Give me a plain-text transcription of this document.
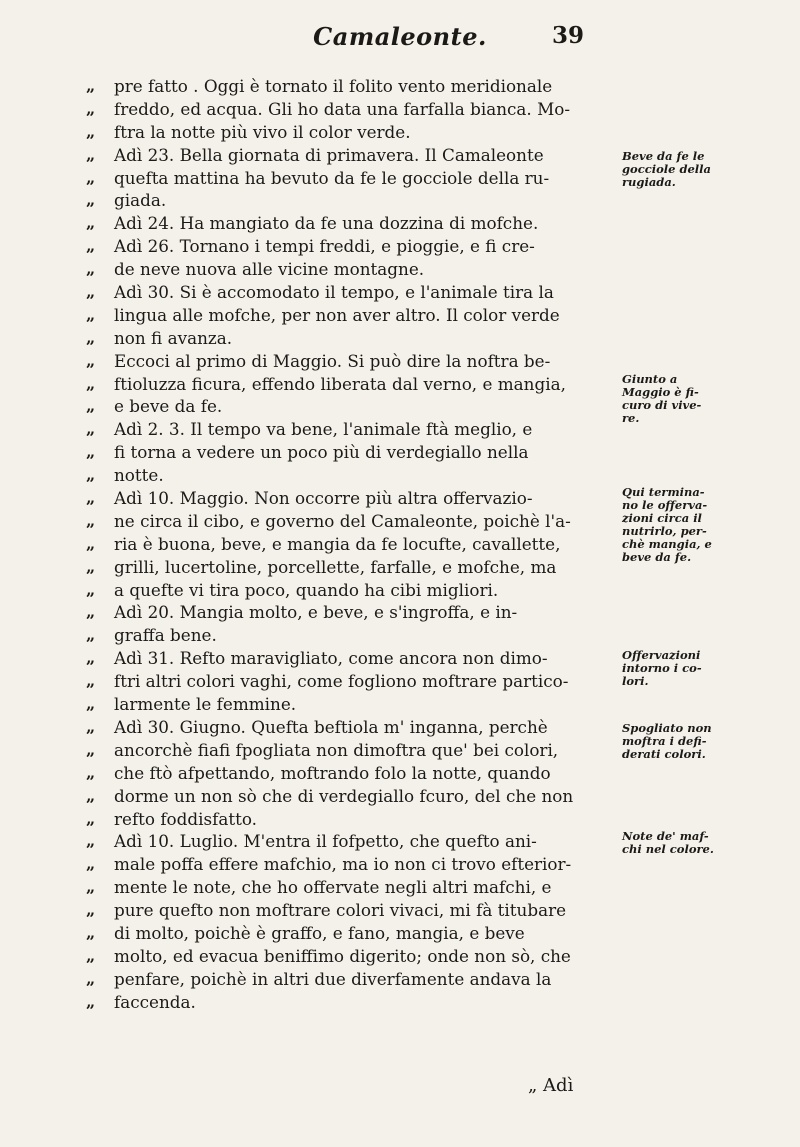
Camaleonte.	39
„	pre fatto . Oggi è tornato il folito vento meridionale
„	freddo, ed acqua. Gli ho data una farfalla bianca. Mo-
„	ftra la notte più vivo il color verde.
„	Adì 23. Bella giornata di primavera. Il Camaleonte
„	quefta mattina ha bevuto da fe le gocciole della ru-
„	giada.
„	Adì 24. Ha mangiato da fe una dozzina di mofche.
„	Adì 26. Tornano i tempi freddi, e pioggie, e fi cre-
„	de neve nuova alle vicine montagne.
„	Adì 30. Si è accomodato il tempo, e l'animale tira la
„	lingua alle mofche, per non aver altro. Il color verde
„	non fi avanza.
„	Eccoci al primo di Maggio. Si può dire la noftra be-
„	ftioluzza ficura, effendo liberata dal verno, e mangia,
„	e beve da fe.
„	Adì 2. 3. Il tempo va bene, l'animale ftà meglio, e
„	fi torna a vedere un poco più di verdegiallo nella
„	notte.
„	Adì 10. Maggio. Non occorre più altra offervazio-
„	ne circa il cibo, e governo del Camaleonte, poichè l'a-
„	ria è buona, beve, e mangia da fe locufte, cavallette,
„	grilli, lucertoline, porcellette, farfalle, e mofche, ma
„	a quefte vi tira poco, quando ha cibi migliori.
„	Adì 20. Mangia molto, e beve, e s'ingroffa, e in-
„	graffa bene.
„	Adì 31. Refto maravigliato, come ancora non dimo-
„	ftri altri colori vaghi, come fogliono moftrare partico-
„	larmente le femmine.
„	Adì 30. Giugno. Quefta beftiola m' inganna, perchè
„	ancorchè fiafi fpogliata non dimoftra que' bei colori,
„	che ftò afpettando, moftrando folo la notte, quando
„	dorme un non sò che di verdegiallo fcuro, del che non
„	refto foddisfatto.
„	Adì 10. Luglio. M'entra il fofpetto, che quefto ani-
„	male poffa effere mafchio, ma io non ci trovo efterior-
„	mente le note, che ho offervate negli altri mafchi, e
„	pure quefto non moftrare colori vivaci, mi fà titubare
„	di molto, poichè è graffo, e fano, mangia, e beve
„	molto, ed evacua beniffimo digerito; onde non sò, che
„	penfare, poichè in altri due diverfamente andava la
„	faccenda.
Beve da fe le
gocciole della
rugiada.
Giunto a
Maggio è fi-
curo di vive-
re.
Qui termina-
no le offerva-
zioni circa il
nutrirlo, per-
chè mangia, e
beve da fe.
Offervazioni
intorno i co-
lori.
Spogliato non
moftra i defi-
derati colori.
Note de' maf-
chi nel colore.
„ Adì
